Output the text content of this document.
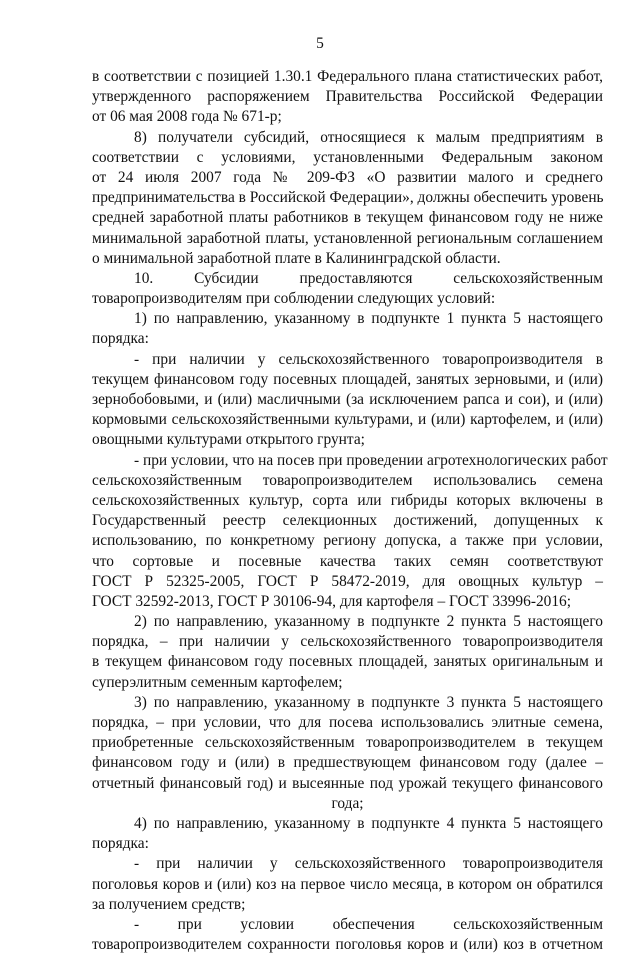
5
в соответствии с позицией 1.30.1 Федерального плана статистических работ,
утвержденного распоряжением Правительства Российской Федерации
от 06 мая 2008 года № 671-р;
8) получатели субсидий, относящиеся к малым предприятиям в
соответствии с условиями, установленными Федеральным законом
от 24 июля 2007 года № 209-ФЗ «О развитии малого и среднего
предпринимательства в Российской Федерации», должны обеспечить уровень
средней заработной платы работников в текущем финансовом году не ниже
минимальной заработной платы, установленной региональным соглашением
о минимальной заработной плате в Калининградской области.
10. Субсидии предоставляются сельскохозяйственным
товаропроизводителям при соблюдении следующих условий:
1) по направлению, указанному в подпункте 1 пункта 5 настоящего
порядка:
- при наличии у сельскохозяйственного товаропроизводителя в
текущем финансовом году посевных площадей, занятых зерновыми, и (или)
зернобобовыми, и (или) масличными (за исключением рапса и сои), и (или)
кормовыми сельскохозяйственными культурами, и (или) картофелем, и (или)
овощными культурами открытого грунта;
- при условии, что на посев при проведении агротехнологических работ
сельскохозяйственным товаропроизводителем использовались семена
сельскохозяйственных культур, сорта или гибриды которых включены в
Государственный реестр селекционных достижений, допущенных к
использованию, по конкретному региону допуска, а также при условии,
что сортовые и посевные качества таких семян соответствуют
ГОСТ Р 52325-2005, ГОСТ Р 58472-2019, для овощных культур –
ГОСТ 32592-2013, ГОСТ Р 30106-94, для картофеля – ГОСТ 33996-2016;
2) по направлению, указанному в подпункте 2 пункта 5 настоящего
порядка, – при наличии у сельскохозяйственного товаропроизводителя
в текущем финансовом году посевных площадей, занятых оригинальным и
суперэлитным семенным картофелем;
3) по направлению, указанному в подпункте 3 пункта 5 настоящего
порядка, – при условии, что для посева использовались элитные семена,
приобретенные сельскохозяйственным товаропроизводителем в текущем
финансовом году и (или) в предшествующем финансовом году (далее –
отчетный финансовый год) и высеянные под урожай текущего финансового
года;
4) по направлению, указанному в подпункте 4 пункта 5 настоящего
порядка:
- при наличии у сельскохозяйственного товаропроизводителя
поголовья коров и (или) коз на первое число месяца, в котором он обратился
за получением средств;
- при условии обеспечения сельскохозяйственным
товаропроизводителем сохранности поголовья коров и (или) коз в отчетном
